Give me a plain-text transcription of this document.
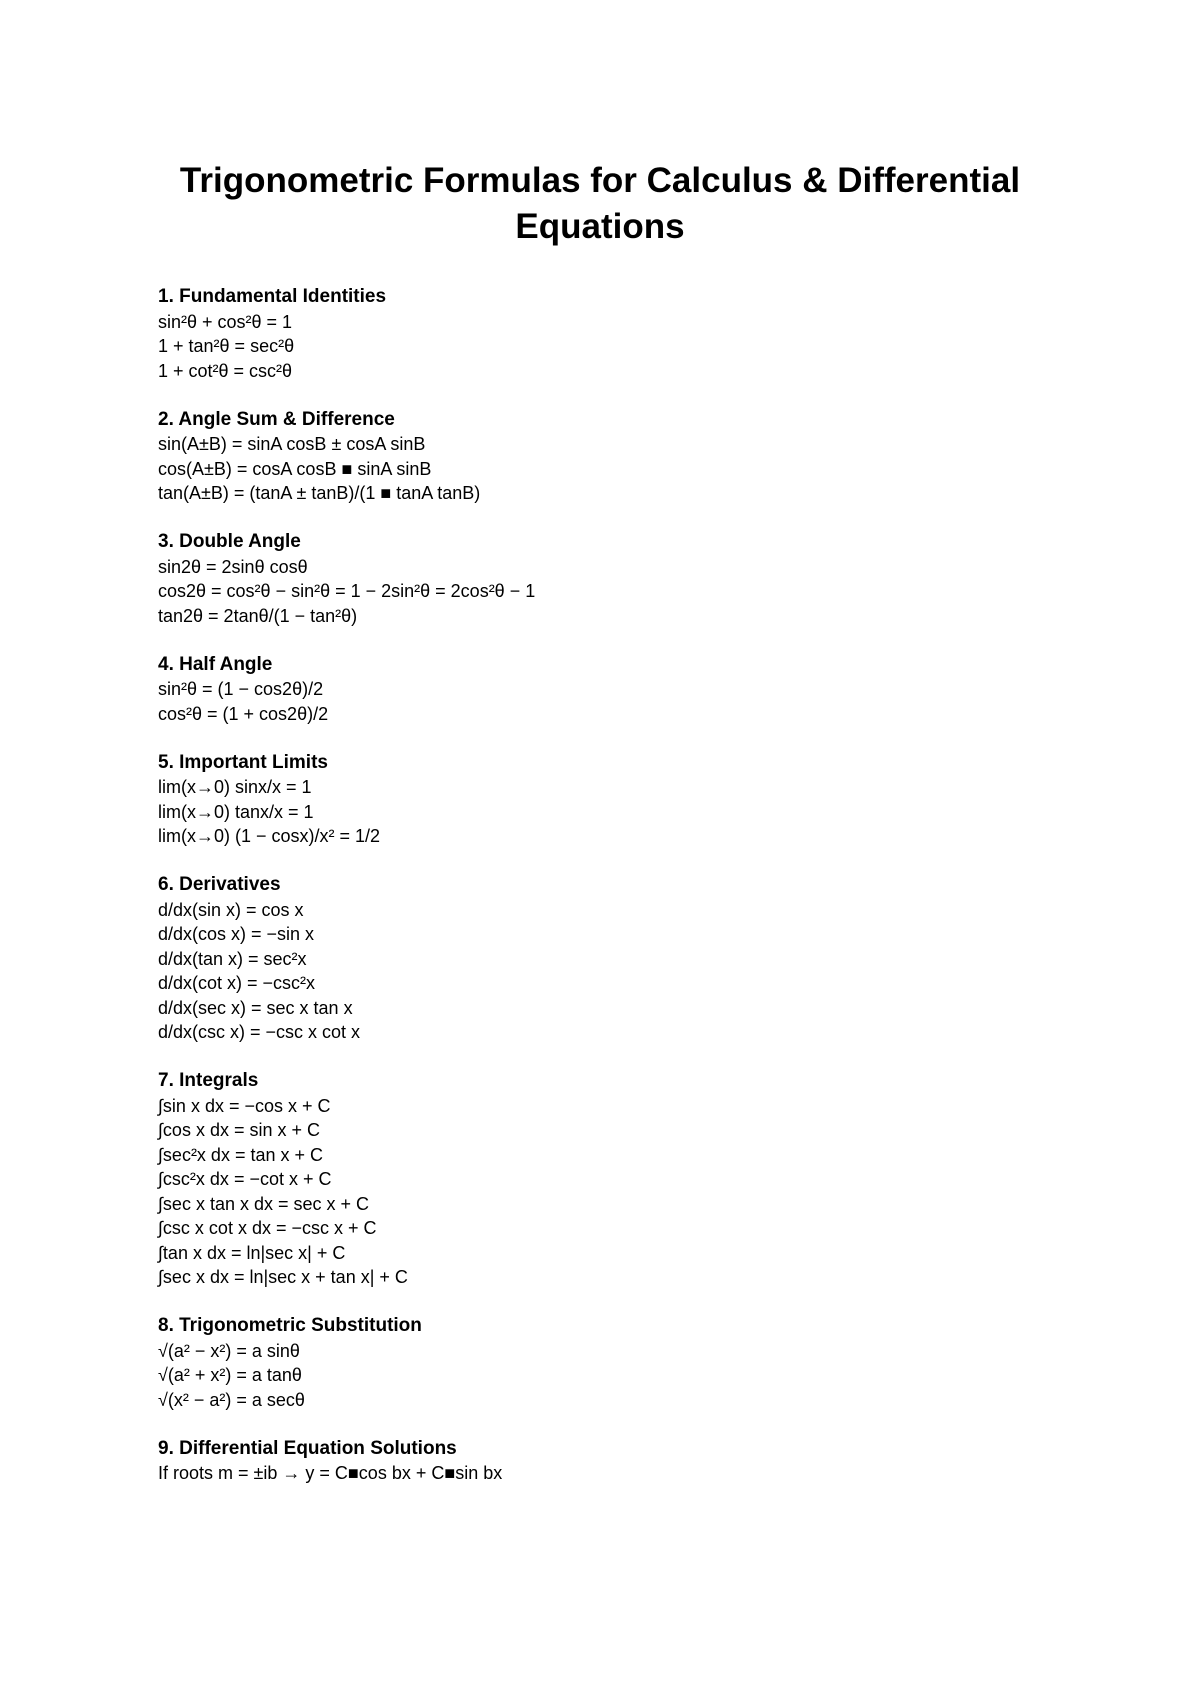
Trigonometric Formulas for Calculus & Differential
Equations
1. Fundamental Identities
sin²θ + cos²θ = 1
1 + tan²θ = sec²θ
1 + cot²θ = csc²θ
2. Angle Sum & Difference
sin(A±B) = sinA cosB ± cosA sinB
cos(A±B) = cosA cosB ■ sinA sinB
tan(A±B) = (tanA ± tanB)/(1 ■ tanA tanB)
3. Double Angle
sin2θ = 2sinθ cosθ
cos2θ = cos²θ − sin²θ = 1 − 2sin²θ = 2cos²θ − 1
tan2θ = 2tanθ/(1 − tan²θ)
4. Half Angle
sin²θ = (1 − cos2θ)/2
cos²θ = (1 + cos2θ)/2
5. Important Limits
lim(x→0) sinx/x = 1
lim(x→0) tanx/x = 1
lim(x→0) (1 − cosx)/x² = 1/2
6. Derivatives
d/dx(sin x) = cos x
d/dx(cos x) = −sin x
d/dx(tan x) = sec²x
d/dx(cot x) = −csc²x
d/dx(sec x) = sec x tan x
d/dx(csc x) = −csc x cot x
7. Integrals
∫sin x dx = −cos x + C
∫cos x dx = sin x + C
∫sec²x dx = tan x + C
∫csc²x dx = −cot x + C
∫sec x tan x dx = sec x + C
∫csc x cot x dx = −csc x + C
∫tan x dx = ln|sec x| + C
∫sec x dx = ln|sec x + tan x| + C
8. Trigonometric Substitution
√(a² − x²) = a sinθ
√(a² + x²) = a tanθ
√(x² − a²) = a secθ
9. Differential Equation Solutions
If roots m = ±ib → y = C■cos bx + C■sin bx
